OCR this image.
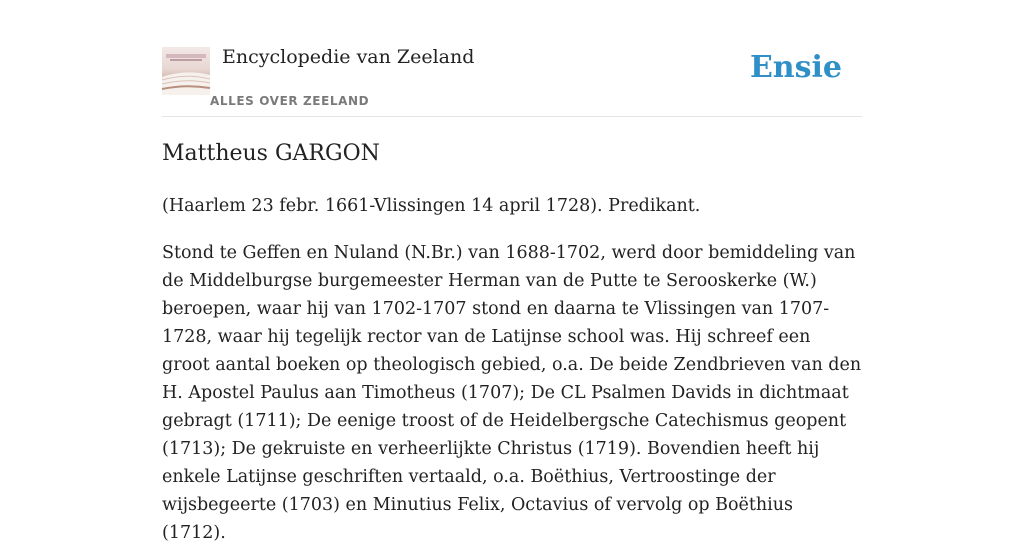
Encyclopedie van Zeeland
ALLES OVER ZEELAND
Ensie
Mattheus GARGON

(Haarlem 23 febr. 1661-Vlissingen 14 april 1728). Predikant.

Stond te Geffen en Nuland (N.Br.) van 1688-1702, werd door bemiddeling van de Middelburgse burgemeester Herman van de Putte te Serooskerke (W.) beroepen, waar hij van 1702-1707 stond en daarna te Vlissingen van 1707-1728, waar hij tegelijk rector van de Latijnse school was. Hij schreef een groot aantal boeken op theologisch gebied, o.a. De beide Zendbrieven van den H. Apostel Paulus aan Timotheus (1707); De CL Psalmen Davids in dichtmaat gebragt (1711); De eenige troost of de Heidelbergsche Catechismus geopent (1713); De gekruiste en verheerlijkte Christus (1719). Bovendien heeft hij enkele Latijnse geschriften vertaald, o.a. Boëthius, Vertroostinge der wijsbegeerte (1703) en Minutius Felix, Octavius of vervolg op Boëthius (1712).
